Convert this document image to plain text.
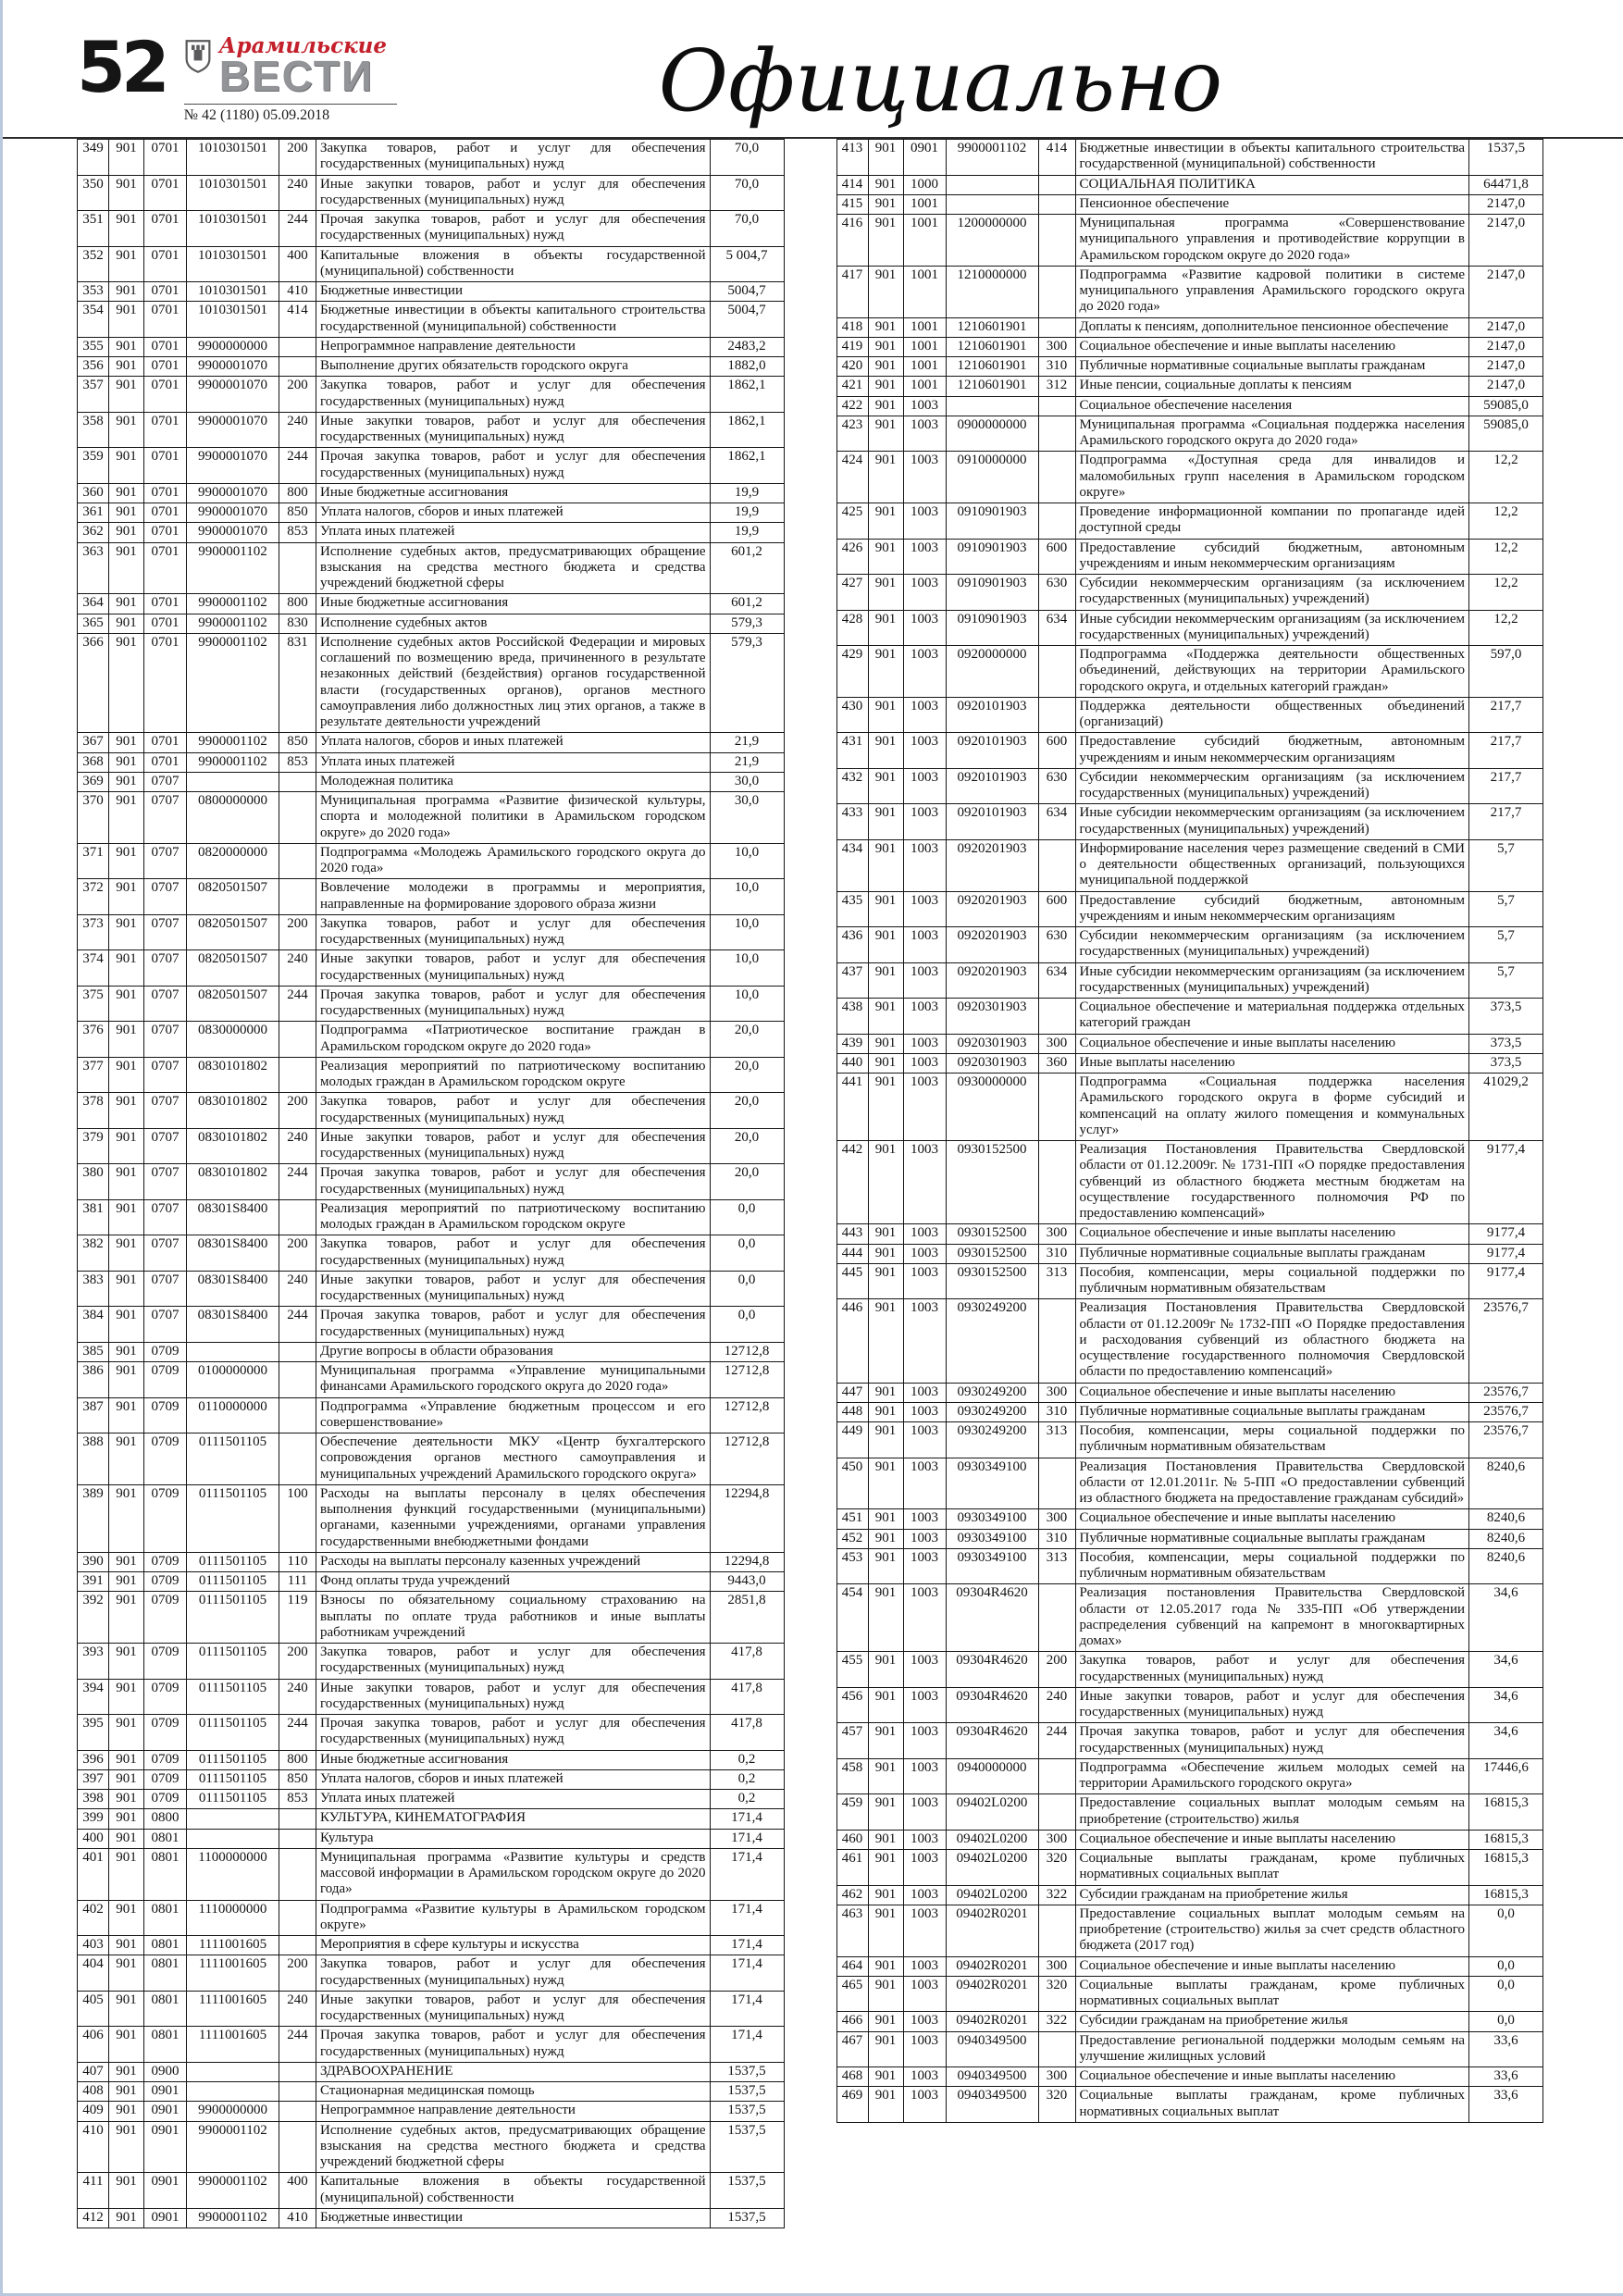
52	Арамильские
ВЕСТИ
№ 42 (1180) 05.09.2018	Официально
349	901	0701	1010301501	200	Закупка товаров, работ и услуг для обеспечения государственных (муниципальных) нужд	70,0
350	901	0701	1010301501	240	Иные закупки товаров, работ и услуг для обеспечения государственных (муниципальных) нужд	70,0
351	901	0701	1010301501	244	Прочая закупка товаров, работ и услуг для обеспечения государственных (муниципальных) нужд	70,0
352	901	0701	1010301501	400	Капитальные вложения в объекты государственной (муниципальной) собственности	5 004,7
353	901	0701	1010301501	410	Бюджетные инвестиции	5004,7
354	901	0701	1010301501	414	Бюджетные инвестиции в объекты капитального строительства государственной (муниципальной) собственности	5004,7
355	901	0701	9900000000		Непрограммное направление деятельности	2483,2
356	901	0701	9900001070		Выполнение других обязательств городского округа	1882,0
357	901	0701	9900001070	200	Закупка товаров, работ и услуг для обеспечения государственных (муниципальных) нужд	1862,1
358	901	0701	9900001070	240	Иные закупки товаров, работ и услуг для обеспечения государственных (муниципальных) нужд	1862,1
359	901	0701	9900001070	244	Прочая закупка товаров, работ и услуг для обеспечения государственных (муниципальных) нужд	1862,1
360	901	0701	9900001070	800	Иные бюджетные ассигнования	19,9
361	901	0701	9900001070	850	Уплата налогов, сборов и иных платежей	19,9
362	901	0701	9900001070	853	Уплата иных платежей	19,9
363	901	0701	9900001102		Исполнение судебных актов, предусматривающих обращение взыскания на средства местного бюджета и средства учреждений бюджетной сферы	601,2
364	901	0701	9900001102	800	Иные бюджетные ассигнования	601,2
365	901	0701	9900001102	830	Исполнение судебных актов	579,3
366	901	0701	9900001102	831	Исполнение судебных актов Российской Федерации и мировых соглашений по возмещению вреда, причиненного в результате незаконных действий (бездействия) органов государственной власти (государственных органов), органов местного самоуправления либо должностных лиц этих органов, а также в результате деятельности учреждений	579,3
367	901	0701	9900001102	850	Уплата налогов, сборов и иных платежей	21,9
368	901	0701	9900001102	853	Уплата иных платежей	21,9
369	901	0707			Молодежная политика	30,0
370	901	0707	0800000000		Муниципальная программа «Развитие физической культуры, спорта и молодежной политики в Арамильском городском округе» до 2020 года»	30,0
371	901	0707	0820000000		Подпрограмма «Молодежь Арамильского городского округа до 2020 года»	10,0
372	901	0707	0820501507		Вовлечение молодежи в программы и мероприятия, направленные на формирование здорового образа жизни	10,0
373	901	0707	0820501507	200	Закупка товаров, работ и услуг для обеспечения государственных (муниципальных) нужд	10,0
374	901	0707	0820501507	240	Иные закупки товаров, работ и услуг для обеспечения государственных (муниципальных) нужд	10,0
375	901	0707	0820501507	244	Прочая закупка товаров, работ и услуг для обеспечения государственных (муниципальных) нужд	10,0
376	901	0707	0830000000		Подпрограмма «Патриотическое воспитание граждан в Арамильском городском округе до 2020 года»	20,0
377	901	0707	0830101802		Реализация мероприятий по патриотическому воспитанию молодых граждан в Арамильском городском округе	20,0
378	901	0707	0830101802	200	Закупка товаров, работ и услуг для обеспечения государственных (муниципальных) нужд	20,0
379	901	0707	0830101802	240	Иные закупки товаров, работ и услуг для обеспечения государственных (муниципальных) нужд	20,0
380	901	0707	0830101802	244	Прочая закупка товаров, работ и услуг для обеспечения государственных (муниципальных) нужд	20,0
381	901	0707	08301S8400		Реализация мероприятий по патриотическому воспитанию молодых граждан в Арамильском городском округе	0,0
382	901	0707	08301S8400	200	Закупка товаров, работ и услуг для обеспечения государственных (муниципальных) нужд	0,0
383	901	0707	08301S8400	240	Иные закупки товаров, работ и услуг для обеспечения государственных (муниципальных) нужд	0,0
384	901	0707	08301S8400	244	Прочая закупка товаров, работ и услуг для обеспечения государственных (муниципальных) нужд	0,0
385	901	0709			Другие вопросы в области образования	12712,8
386	901	0709	0100000000		Муниципальная программа «Управление муниципальными финансами Арамильского городского округа до 2020 года»	12712,8
387	901	0709	0110000000		Подпрограмма «Управление бюджетным процессом и его совершенствование»	12712,8
388	901	0709	0111501105		Обеспечение деятельности МКУ «Центр бухгалтерского сопровождения органов местного самоуправления и муниципальных учреждений Арамильского городского округа»	12712,8
389	901	0709	0111501105	100	Расходы на выплаты персоналу в целях обеспечения выполнения функций государственными (муниципальными) органами, казенными учреждениями, органами управления государственными внебюджетными фондами	12294,8
390	901	0709	0111501105	110	Расходы на выплаты персоналу казенных учреждений	12294,8
391	901	0709	0111501105	111	Фонд оплаты труда учреждений	9443,0
392	901	0709	0111501105	119	Взносы по обязательному социальному страхованию на выплаты по оплате труда работников и иные выплаты работникам учреждений	2851,8
393	901	0709	0111501105	200	Закупка товаров, работ и услуг для обеспечения государственных (муниципальных) нужд	417,8
394	901	0709	0111501105	240	Иные закупки товаров, работ и услуг для обеспечения государственных (муниципальных) нужд	417,8
395	901	0709	0111501105	244	Прочая закупка товаров, работ и услуг для обеспечения государственных (муниципальных) нужд	417,8
396	901	0709	0111501105	800	Иные бюджетные ассигнования	0,2
397	901	0709	0111501105	850	Уплата налогов, сборов и иных платежей	0,2
398	901	0709	0111501105	853	Уплата иных платежей	0,2
399	901	0800			КУЛЬТУРА, КИНЕМАТОГРАФИЯ	171,4
400	901	0801			Культура	171,4
401	901	0801	1100000000		Муниципальная программа «Развитие культуры и средств массовой информации в Арамильском городском округе до 2020 года»	171,4
402	901	0801	1110000000		Подпрограмма «Развитие культуры в Арамильском городском округе»	171,4
403	901	0801	1111001605		Мероприятия в сфере культуры и искусства	171,4
404	901	0801	1111001605	200	Закупка товаров, работ и услуг для обеспечения государственных (муниципальных) нужд	171,4
405	901	0801	1111001605	240	Иные закупки товаров, работ и услуг для обеспечения государственных (муниципальных) нужд	171,4
406	901	0801	1111001605	244	Прочая закупка товаров, работ и услуг для обеспечения государственных (муниципальных) нужд	171,4
407	901	0900			ЗДРАВООХРАНЕНИЕ	1537,5
408	901	0901			Стационарная медицинская помощь	1537,5
409	901	0901	9900000000		Непрограммное направление деятельности	1537,5
410	901	0901	9900001102		Исполнение судебных актов, предусматривающих обращение взыскания на средства местного бюджета и средства учреждений бюджетной сферы	1537,5
411	901	0901	9900001102	400	Капитальные вложения в объекты государственной (муниципальной) собственности	1537,5
412	901	0901	9900001102	410	Бюджетные инвестиции	1537,5
413	901	0901	9900001102	414	Бюджетные инвестиции в объекты капитального строительства государственной (муниципальной) собственности	1537,5
414	901	1000			СОЦИАЛЬНАЯ ПОЛИТИКА	64471,8
415	901	1001			Пенсионное обеспечение	2147,0
416	901	1001	1200000000		Муниципальная программа «Совершенствование муниципального управления и противодействие коррупции в Арамильском городском округе до 2020 года»	2147,0
417	901	1001	1210000000		Подпрограмма «Развитие кадровой политики в системе муниципального управления Арамильского городского округа до 2020 года»	2147,0
418	901	1001	1210601901		Доплаты к пенсиям, дополнительное пенсионное обеспечение	2147,0
419	901	1001	1210601901	300	Социальное обеспечение и иные выплаты населению	2147,0
420	901	1001	1210601901	310	Публичные нормативные социальные выплаты гражданам	2147,0
421	901	1001	1210601901	312	Иные пенсии, социальные доплаты к пенсиям	2147,0
422	901	1003			Социальное обеспечение населения	59085,0
423	901	1003	0900000000		Муниципальная программа «Социальная поддержка населения Арамильского городского округа до 2020 года»	59085,0
424	901	1003	0910000000		Подпрограмма «Доступная среда для инвалидов и маломобильных групп населения в Арамильском городском округе»	12,2
425	901	1003	0910901903		Проведение информационной компании по пропаганде идей доступной среды	12,2
426	901	1003	0910901903	600	Предоставление субсидий бюджетным, автономным учреждениям и иным некоммерческим организациям	12,2
427	901	1003	0910901903	630	Субсидии некоммерческим организациям (за исключением государственных (муниципальных) учреждений)	12,2
428	901	1003	0910901903	634	Иные субсидии некоммерческим организациям (за исключением государственных (муниципальных) учреждений)	12,2
429	901	1003	0920000000		Подпрограмма «Поддержка деятельности общественных объединений, действующих на территории Арамильского городского округа, и отдельных категорий граждан»	597,0
430	901	1003	0920101903		Поддержка деятельности общественных объединений (организаций)	217,7
431	901	1003	0920101903	600	Предоставление субсидий бюджетным, автономным учреждениям и иным некоммерческим организациям	217,7
432	901	1003	0920101903	630	Субсидии некоммерческим организациям (за исключением государственных (муниципальных) учреждений)	217,7
433	901	1003	0920101903	634	Иные субсидии некоммерческим организациям (за исключением государственных (муниципальных) учреждений)	217,7
434	901	1003	0920201903		Информирование населения через размещение сведений в СМИ о деятельности общественных организаций, пользующихся муниципальной поддержкой	5,7
435	901	1003	0920201903	600	Предоставление субсидий бюджетным, автономным учреждениям и иным некоммерческим организациям	5,7
436	901	1003	0920201903	630	Субсидии некоммерческим организациям (за исключением государственных (муниципальных) учреждений)	5,7
437	901	1003	0920201903	634	Иные субсидии некоммерческим организациям (за исключением государственных (муниципальных) учреждений)	5,7
438	901	1003	0920301903		Социальное обеспечение и материальная поддержка отдельных категорий граждан	373,5
439	901	1003	0920301903	300	Социальное обеспечение и иные выплаты населению	373,5
440	901	1003	0920301903	360	Иные выплаты населению	373,5
441	901	1003	0930000000		Подпрограмма «Социальная поддержка населения Арамильского городского округа в форме субсидий и компенсаций на оплату жилого помещения и коммунальных услуг»	41029,2
442	901	1003	0930152500		Реализация Постановления Правительства Свердловской области от 01.12.2009г. № 1731-ПП «О порядке предоставления субвенций из областного бюджета местным бюджетам на осуществление государственного полномочия РФ по предоставлению компенсаций»	9177,4
443	901	1003	0930152500	300	Социальное обеспечение и иные выплаты населению	9177,4
444	901	1003	0930152500	310	Публичные нормативные социальные выплаты гражданам	9177,4
445	901	1003	0930152500	313	Пособия, компенсации, меры социальной поддержки по публичным нормативным обязательствам	9177,4
446	901	1003	0930249200		Реализация Постановления Правительства Свердловской области от 01.12.2009г № 1732-ПП «О Порядке предоставления и расходования субвенций из областного бюджета на осуществление государственного полномочия Свердловской области по предоставлению компенсаций»	23576,7
447	901	1003	0930249200	300	Социальное обеспечение и иные выплаты населению	23576,7
448	901	1003	0930249200	310	Публичные нормативные социальные выплаты гражданам	23576,7
449	901	1003	0930249200	313	Пособия, компенсации, меры социальной поддержки по публичным нормативным обязательствам	23576,7
450	901	1003	0930349100		Реализация Постановления Правительства Свердловской области от 12.01.2011г. № 5-ПП «О предоставлении субвенций из областного бюджета на предоставление гражданам субсидий»	8240,6
451	901	1003	0930349100	300	Социальное обеспечение и иные выплаты населению	8240,6
452	901	1003	0930349100	310	Публичные нормативные социальные выплаты гражданам	8240,6
453	901	1003	0930349100	313	Пособия, компенсации, меры социальной поддержки по публичным нормативным обязательствам	8240,6
454	901	1003	09304R4620		Реализация постановления Правительства Свердловской области от 12.05.2017 года № 335-ПП «Об утверждении распределения субвенций на капремонт в многоквартирных домах»	34,6
455	901	1003	09304R4620	200	Закупка товаров, работ и услуг для обеспечения государственных (муниципальных) нужд	34,6
456	901	1003	09304R4620	240	Иные закупки товаров, работ и услуг для обеспечения государственных (муниципальных) нужд	34,6
457	901	1003	09304R4620	244	Прочая закупка товаров, работ и услуг для обеспечения государственных (муниципальных) нужд	34,6
458	901	1003	0940000000		Подпрограмма «Обеспечение жильем молодых семей на территории Арамильского городского округа»	17446,6
459	901	1003	09402L0200		Предоставление социальных выплат молодым семьям на приобретение (строительство) жилья	16815,3
460	901	1003	09402L0200	300	Социальное обеспечение и иные выплаты населению	16815,3
461	901	1003	09402L0200	320	Социальные выплаты гражданам, кроме публичных нормативных социальных выплат	16815,3
462	901	1003	09402L0200	322	Субсидии гражданам на приобретение жилья	16815,3
463	901	1003	09402R0201		Предоставление социальных выплат молодым семьям на приобретение (строительство) жилья за счет средств областного бюджета (2017 год)	0,0
464	901	1003	09402R0201	300	Социальное обеспечение и иные выплаты населению	0,0
465	901	1003	09402R0201	320	Социальные выплаты гражданам, кроме публичных нормативных социальных выплат	0,0
466	901	1003	09402R0201	322	Субсидии гражданам на приобретение жилья	0,0
467	901	1003	0940349500		Предоставление региональной поддержки молодым семьям на улучшение жилищных условий	33,6
468	901	1003	0940349500	300	Социальное обеспечение и иные выплаты населению	33,6
469	901	1003	0940349500	320	Социальные выплаты гражданам, кроме публичных нормативных социальных выплат	33,6
